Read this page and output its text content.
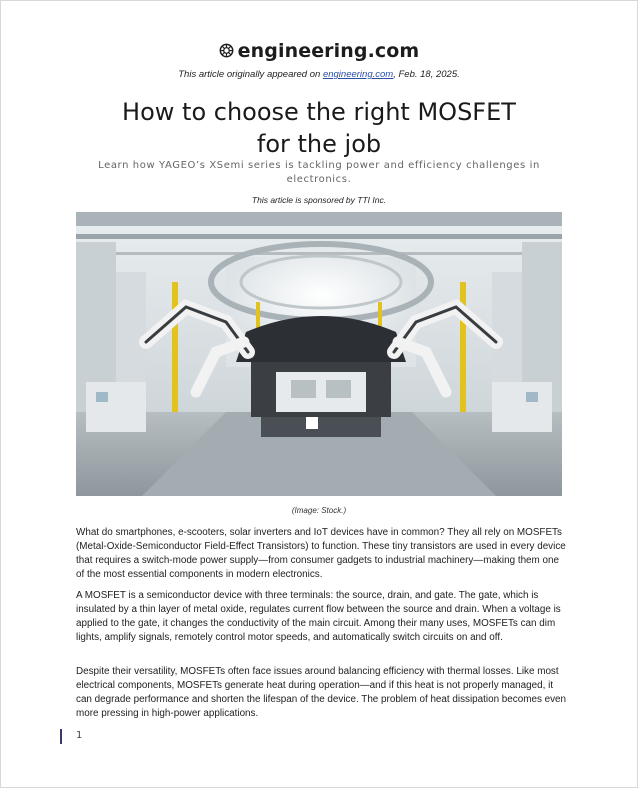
engineering.com
This article originally appeared on engineering.com, Feb. 18, 2025.
How to choose the right MOSFET
for the job
Learn how YAGEO’s XSemi series is tackling power and efficiency challenges in electronics.
This article is sponsored by TTI Inc.
(Image: Stock.)

What do smartphones, e-scooters, solar inverters and IoT devices have in common? They all rely on MOSFETs (Metal-Oxide-Semiconductor Field-Effect Transistors) to function. These tiny transistors are used in every device that requires a switch-mode power supply—from consumer gadgets to industrial machinery—making them one of the most essential components in modern electronics.

A MOSFET is a semiconductor device with three terminals: the source, drain, and gate. The gate, which is insulated by a thin layer of metal oxide, regulates current flow between the source and drain. When a voltage is applied to the gate, it changes the conductivity of the main circuit. Among their many uses, MOSFETs can dim lights, amplify signals, remotely control motor speeds, and automatically switch circuits on and off.

Despite their versatility, MOSFETs often face issues around balancing efficiency with thermal losses. Like most electrical components, MOSFETs generate heat during operation—and if this heat is not properly managed, it can degrade performance and shorten the lifespan of the device. The problem of heat dissipation becomes even more pressing in high-power applications.

1
